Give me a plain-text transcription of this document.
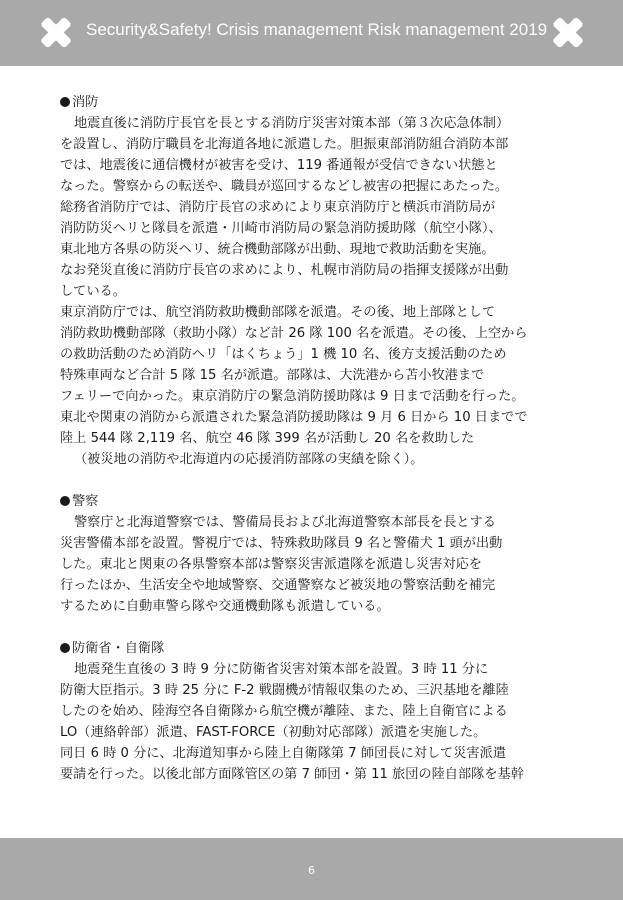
Security&Safety! Crisis management Risk management 2019
消防
地震直後に消防庁長官を長とする消防庁災害対策本部（第３次応急体制）
を設置し、消防庁職員を北海道各地に派遣した。胆振東部消防組合消防本部
では、地震後に通信機材が被害を受け、119 番通報が受信できない状態と
なった。警察からの転送や、職員が巡回するなどし被害の把握にあたった。
総務省消防庁では、消防庁長官の求めにより東京消防庁と横浜市消防局が
消防防災ヘリと隊員を派遣・川崎市消防局の緊急消防援助隊（航空小隊）、
東北地方各県の防災ヘリ、統合機動部隊が出動、現地で救助活動を実施。
なお発災直後に消防庁長官の求めにより、札幌市消防局の指揮支援隊が出動
している。
東京消防庁では、航空消防救助機動部隊を派遣。その後、地上部隊として
消防救助機動部隊（救助小隊）など計 26 隊 100 名を派遣。その後、上空から
の救助活動のため消防ヘリ「はくちょう」1 機 10 名、後方支援活動のため
特殊車両など合計 5 隊 15 名が派遣。部隊は、大洗港から苫小牧港まで
フェリーで向かった。東京消防庁の緊急消防援助隊は 9 日まで活動を行った。
東北や関東の消防から派遣された緊急消防援助隊は 9 月 6 日から 10 日までで
陸上 544 隊 2,119 名、航空 46 隊 399 名が活動し 20 名を救助した
（被災地の消防や北海道内の応援消防部隊の実績を除く）。
警察
警察庁と北海道警察では、警備局長および北海道警察本部長を長とする
災害警備本部を設置。警視庁では、特殊救助隊員 9 名と警備犬 1 頭が出動
した。東北と関東の各県警察本部は警察災害派遣隊を派遣し災害対応を
行ったほか、生活安全や地域警察、交通警察など被災地の警察活動を補完
するために自動車警ら隊や交通機動隊も派遣している。
防衛省・自衛隊
地震発生直後の 3 時 9 分に防衛省災害対策本部を設置。3 時 11 分に
防衛大臣指示。3 時 25 分に F-2 戦闘機が情報収集のため、三沢基地を離陸
したのを始め、陸海空各自衛隊から航空機が離陸、また、陸上自衛官による
LO（連絡幹部）派遣、FAST-FORCE（初動対応部隊）派遣を実施した。
同日 6 時 0 分に、北海道知事から陸上自衛隊第 7 師団長に対して災害派遣
要請を行った。以後北部方面隊管区の第 7 師団・第 11 旅団の陸自部隊を基幹
6
